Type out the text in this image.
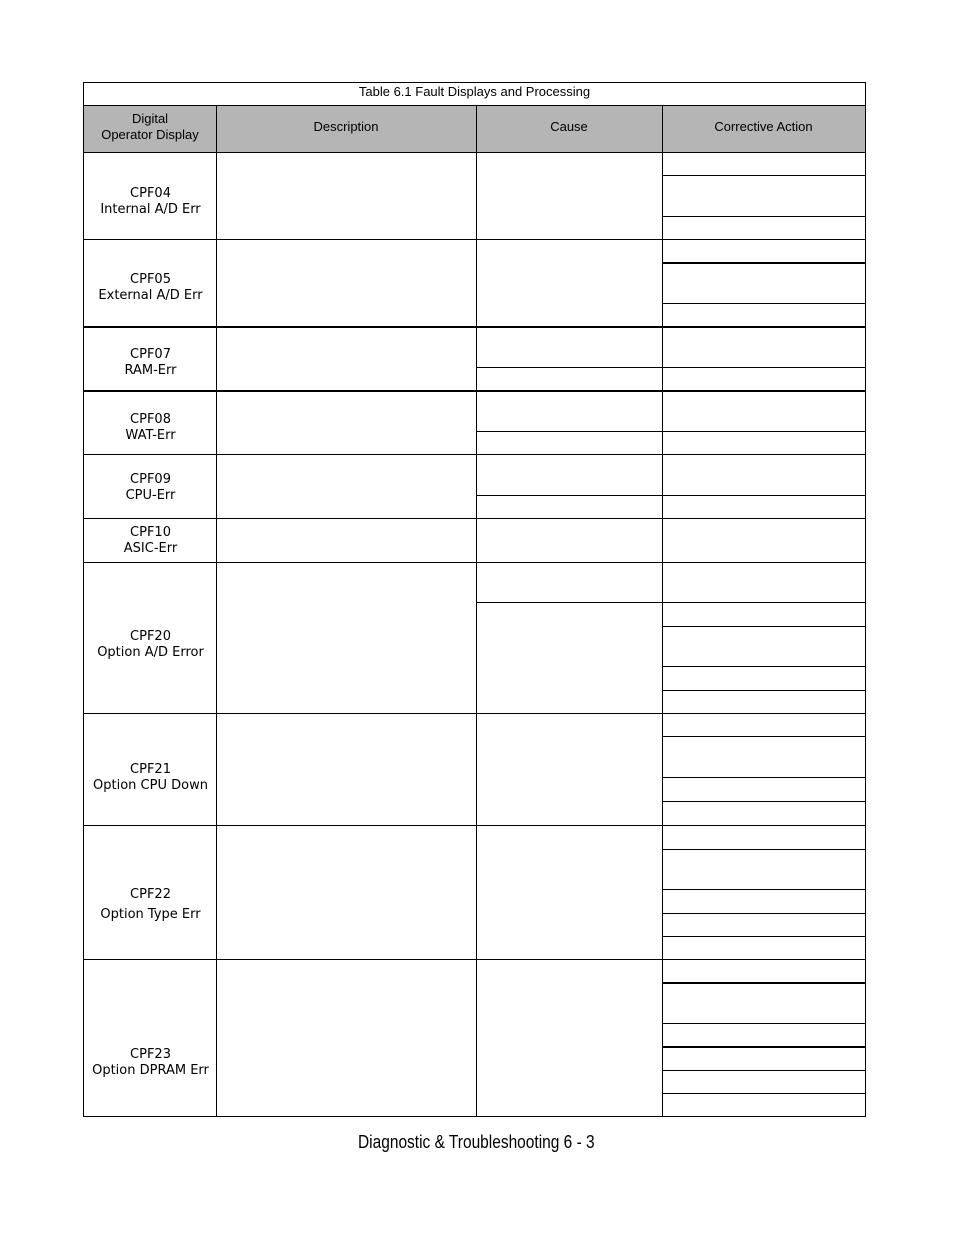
Table 6.1 Fault Displays and Processing
Digital
Operator Display
Description	Cause	Corrective Action
CPF04
Internal A/D Err
CPF05
External A/D Err
CPF07
RAM-Err
CPF08
WAT-Err
CPF09
CPU-Err
CPF10
ASIC-Err
CPF20
Option A/D Error
CPF21
Option CPU Down
CPF22
Option Type Err
CPF23
Option DPRAM Err
Diagnostic & Troubleshooting 6 - 3
